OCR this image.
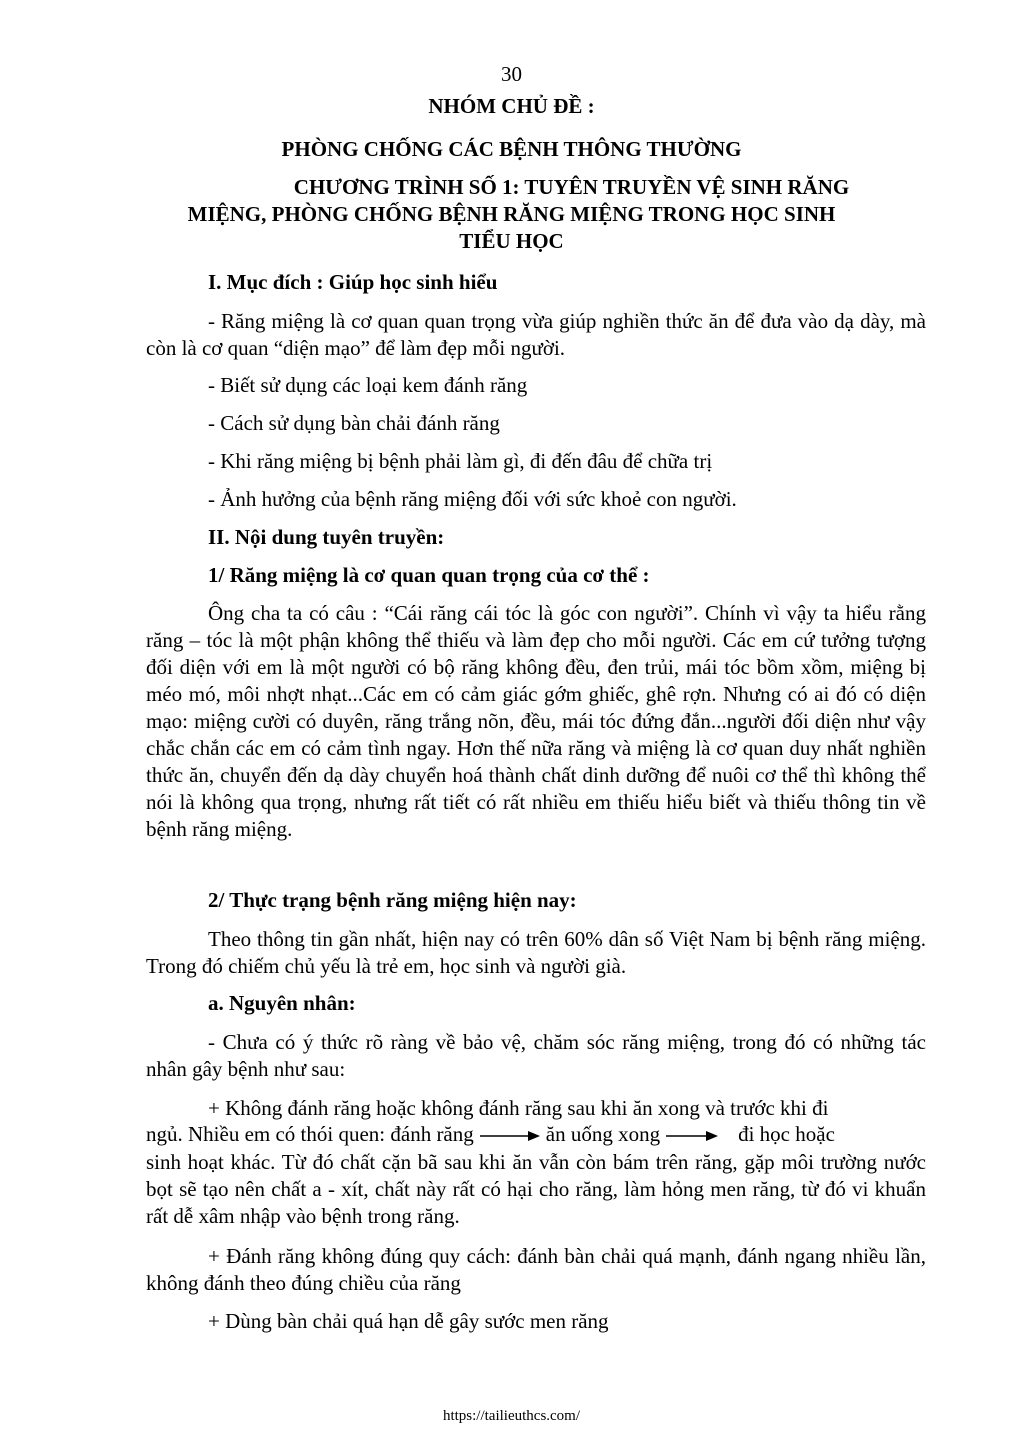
30
NHÓM CHỦ ĐỀ :
PHÒNG CHỐNG CÁC BỆNH THÔNG THƯỜNG
CHƯƠNG TRÌNH SỐ 1: TUYÊN TRUYỀN VỆ SINH RĂNG
MIỆNG, PHÒNG CHỐNG BỆNH RĂNG MIỆNG TRONG HỌC SINH
TIỂU HỌC
I. Mục đích : Giúp học sinh hiểu
- Răng miệng là cơ quan quan trọng vừa giúp nghiền thức ăn để đưa vào dạ dày, mà còn là cơ quan “diện mạo” để làm đẹp mỗi người.
- Biết sử dụng các loại kem đánh răng
- Cách sử dụng bàn chải đánh răng
- Khi răng miệng bị bệnh phải làm gì, đi đến đâu để chữa trị
- Ảnh hưởng của bệnh răng miệng đối với sức khoẻ con người.
II. Nội dung tuyên truyền:
1/ Răng miệng là cơ quan quan trọng của cơ thể :
Ông cha ta có câu : “Cái răng cái tóc là góc con người”. Chính vì vậy ta hiểu rằng răng – tóc là một phận không thể thiếu và làm đẹp cho mỗi người. Các em cứ tưởng tượng đối diện với em là một người có bộ răng không đều, đen trủi, mái tóc bồm xồm, miệng bị méo mó, môi nhợt nhạt...Các em có cảm giác gớm ghiếc, ghê rợn. Nhưng có ai đó có diện mạo: miệng cười có duyên, răng trắng nõn, đều, mái tóc đứng đắn...người đối diện như vậy chắc chắn các em có cảm tình ngay. Hơn thế nữa răng và miệng là cơ quan duy nhất nghiền thức ăn, chuyển đến dạ dày chuyển hoá thành chất dinh dưỡng để nuôi cơ thể thì không thể nói là không qua trọng, nhưng rất tiết có rất nhiều em thiếu hiểu biết và thiếu thông tin về bệnh răng miệng.
2/ Thực trạng bệnh răng miệng hiện nay:
Theo thông tin gần nhất, hiện nay có trên 60% dân số Việt Nam bị bệnh răng miệng. Trong đó chiếm chủ yếu là trẻ em, học sinh và người già.
a. Nguyên nhân:
- Chưa có ý thức rõ ràng về bảo vệ, chăm sóc răng miệng, trong đó có những tác nhân gây bệnh như sau:
+ Không đánh răng hoặc không đánh răng sau khi ăn xong và trước khi đi
ngủ. Nhiều em có thói quen: đánh răng	ăn uống xong	đi học hoặc
sinh hoạt khác. Từ đó chất cặn bã sau khi ăn vẫn còn bám trên răng, gặp môi trường nước bọt sẽ tạo nên chất a - xít, chất này rất có hại cho răng, làm hỏng men răng, từ đó vi khuẩn rất dễ xâm nhập vào bệnh trong răng.
+ Đánh răng không đúng quy cách: đánh bàn chải quá mạnh, đánh ngang nhiều lần, không đánh theo đúng chiều của răng
+ Dùng bàn chải quá hạn dễ gây sước men răng
https://tailieuthcs.com/
